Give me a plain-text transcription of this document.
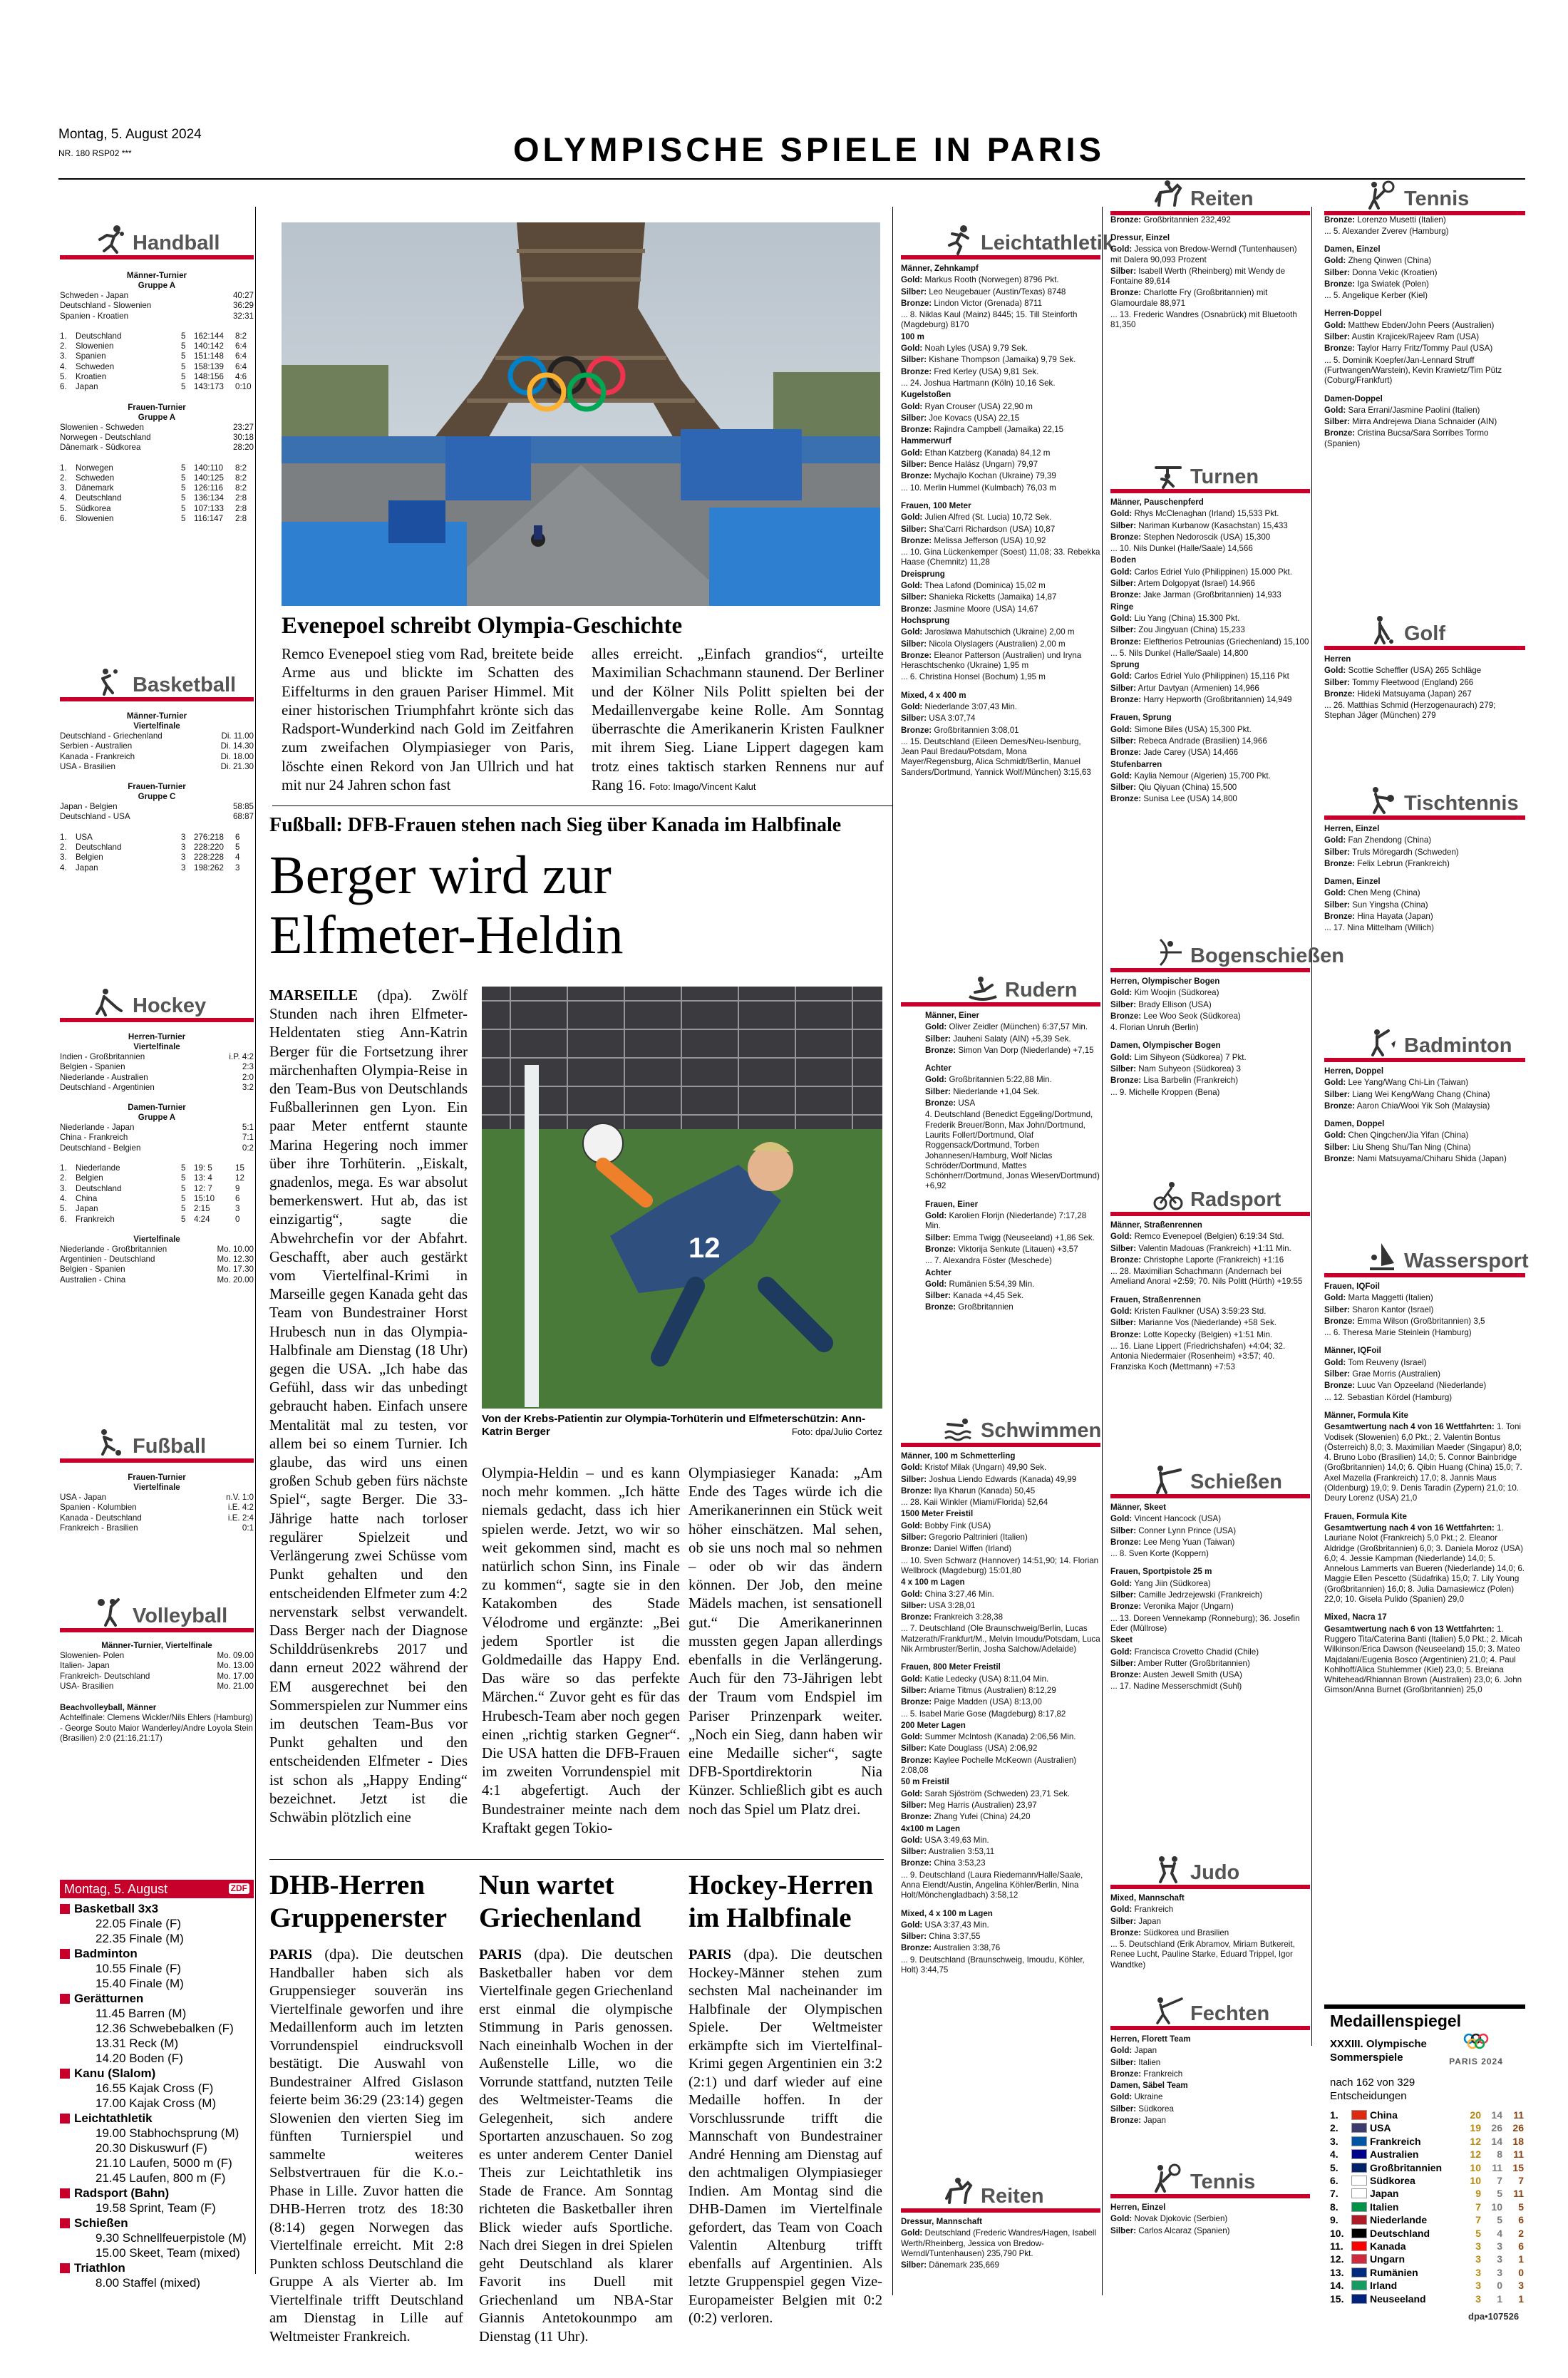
Montag, 5. August 2024
NR. 180 RSP02 ***	OLYMPISCHE SPIELE IN PARIS
Handball
Männer-Turnier
Gruppe A
Schweden - Japan	40:27
Deutschland - Slowenien	36:29
Spanien - Kroatien	32:31
1.	Deutschland	5 162:144	8:2
2.	Slowenien	5 140:142	6:4
3.	Spanien	5 151:148	6:4
4.	Schweden	5 158:139	6:4
5.	Kroatien	5 148:156	4:6
6.	Japan	5 143:173	0:10
Frauen-Turnier
Gruppe A
Slowenien - Schweden	23:27
Norwegen - Deutschland	30:18
Dänemark - Südkorea	28:20
1.	Norwegen	5 140:110	8:2
2.	Schweden	5 140:125	8:2
3.	Dänemark	5 126:116	8:2
4.	Deutschland	5 136:134	2:8
5.	Südkorea	5 107:133	2:8
6.	Slowenien	5 116:147	2:8
Basketball
Männer-Turnier
Viertelfinale
Deutschland - Griechenland	Di. 11.00
Serbien - Australien	Di. 14.30
Kanada - Frankreich	Di. 18.00
USA - Brasilien	Di. 21.30
Frauen-Turnier
Gruppe C
Japan - Belgien	58:85
Deutschland - USA	68:87
1.	USA	3 276:218	6
2.	Deutschland	3 228:220	5
3.	Belgien	3 228:228	4
4.	Japan	3 198:262	3
Hockey
Herren-Turnier
Viertelfinale
Indien - Großbritannien	i.P. 4:2
Belgien - Spanien	2:3
Niederlande - Australien	2:0
Deutschland - Argentinien	3:2
Damen-Turnier
Gruppe A
Niederlande - Japan	5:1
China - Frankreich	7:1
Deutschland - Belgien	0:2
1.	Niederlande	5 19: 5	15
2.	Belgien	5 13: 4	12
3.	Deutschland	5 12: 7	9
4.	China	5 15:10	6
5.	Japan	5 2:15	3
6.	Frankreich	5 4:24	0
Viertelfinale
Niederlande - Großbritannien	Mo. 10.00
Argentinien - Deutschland	Mo. 12.30
Belgien - Spanien	Mo. 17.30
Australien - China	Mo. 20.00
Fußball
Frauen-Turnier
Viertelfinale
USA - Japan	n.V. 1:0
Spanien - Kolumbien	i.E. 4:2
Kanada - Deutschland	i.E. 2:4
Frankreich - Brasilien	0:1
Volleyball
Männer-Turnier, Viertelfinale
Slowenien- Polen	Mo. 09.00
Italien- Japan	Mo. 13.00
Frankreich- Deutschland	Mo. 17.00
USA- Brasilien	Mo. 21.00
Beachvolleyball, Männer
Achtelfinale: Clemens Wickler/Nils Ehlers (Hamburg) - George Souto Maior Wanderley/Andre Loyola Stein (Brasilien) 2:0 (21:16,21:17)
Montag, 5. August	ZDF
Basketball 3x3
22.05 Finale (F)
22.35 Finale (M)
Badminton
10.55 Finale (F)
15.40 Finale (M)
Gerätturnen
11.45 Barren (M)
12.36 Schwebebalken (F)
13.31 Reck (M)
14.20 Boden (F)
Kanu (Slalom)
16.55 Kajak Cross (F)
17.00 Kajak Cross (M)
Leichtathletik
19.00 Stabhochsprung (M)
20.30 Diskuswurf (F)
21.10 Laufen, 5000 m (F)
21.45 Laufen, 800 m (F)
Radsport (Bahn)
19.58 Sprint, Team (F)
Schießen
9.30 Schnellfeuerpistole (M)
15.00 Skeet, Team (mixed)
Triathlon
8.00 Staffel (mixed)
Evenepoel schreibt Olympia-Geschichte
Remco Evenepoel stieg vom Rad, breitete beide Arme aus und blickte im Schatten des Eiffelturms in den grauen Pariser Himmel. Mit einer historischen Triumphfahrt krönte sich das Radsport-Wunderkind nach Gold im Zeitfahren zum zweifachen Olympiasieger von Paris, löschte einen Rekord von Jan Ullrich und hat mit nur 24 Jahren schon fast
alles erreicht. „Einfach grandios“, urteilte Maximilian Schachmann staunend. Der Berliner und der Kölner Nils Politt spielten bei der Medaillenvergabe keine Rolle. Am Sonntag überraschte die Amerikanerin Kristen Faulkner mit ihrem Sieg. Liane Lippert dagegen kam trotz eines taktisch starken Rennens nur auf Rang 16. Foto: Imago/Vincent Kalut
Fußball: DFB-Frauen stehen nach Sieg über Kanada im Halbfinale
Berger wird zur
Elfmeter-Heldin
MARSEILLE (dpa). Zwölf Stunden nach ihren Elfmeter-Heldentaten stieg Ann-Katrin Berger für die Fortsetzung ihrer märchenhaften Olympia-Reise in den Team-Bus von Deutschlands Fußballerinnen gen Lyon. Ein paar Meter entfernt staunte Marina Hegering noch immer über ihre Torhüterin. „Eiskalt, gnadenlos, mega. Es war absolut bemerkenswert. Hut ab, das ist einzigartig“, sagte die Abwehrchefin vor der Abfahrt. Geschafft, aber auch gestärkt vom Viertelfinal-Krimi in Marseille gegen Kanada geht das Team von Bundestrainer Horst Hrubesch nun in das Olympia-Halbfinale am Dienstag (18 Uhr) gegen die USA. „Ich habe das Gefühl, dass wir das unbedingt gebraucht haben. Einfach unsere Mentalität mal zu testen, vor allem bei so einem Turnier. Ich glaube, das wird uns einen großen Schub geben fürs nächste Spiel“, sagte Berger. Die 33-Jährige hatte nach torloser regulärer Spielzeit und Verlängerung zwei Schüsse vom Punkt gehalten und den entscheidenden Elfmeter zum 4:2 nervenstark selbst verwandelt. Dass Berger nach der Diagnose Schilddrüsenkrebs 2017 und dann erneut 2022 während der EM ausgerechnet bei den Sommerspielen zur Nummer eins im deutschen Team-Bus vor Punkt gehalten und den entscheidenden Elfmeter - Dies ist schon als „Happy Ending“ bezeichnet. Jetzt ist die Schwäbin plötzlich eine
12
Von der Krebs-Patientin zur Olympia-Torhüterin und Elfmeterschützin: Ann-Katrin Berger	Foto: dpa/Julio Cortez
Olympia-Heldin – und es kann noch mehr kommen. „Ich hätte niemals gedacht, dass ich hier spielen werde. Jetzt, wo wir so weit gekommen sind, macht es natürlich schon Sinn, ins Finale zu kommen“, sagte sie in den Katakomben des Stade Vélodrome und ergänzte: „Bei jedem Sportler ist die Goldmedaille das Happy End. Das wäre so das perfekte Märchen.“ Zuvor geht es für das Hrubesch-Team aber noch gegen einen „richtig starken Gegner“. Die USA hatten die DFB-Frauen im zweiten Vorrundenspiel mit 4:1 abgefertigt. Auch der Bundestrainer meinte nach dem Kraftakt gegen Tokio-
Olympiasieger Kanada: „Am Ende des Tages würde ich die Amerikanerinnen ein Stück weit höher einschätzen. Mal sehen, ob sie uns noch mal so nehmen – oder ob wir das ändern können. Der Job, den meine Mädels machen, ist sensationell gut.“ Die Amerikanerinnen mussten gegen Japan allerdings ebenfalls in die Verlängerung. Auch für den 73-Jährigen lebt der Traum vom Endspiel im Pariser Prinzenpark weiter. „Noch ein Sieg, dann haben wir eine Medaille sicher“, sagte DFB-Sportdirektorin Nia Künzer. Schließlich gibt es auch noch das Spiel um Platz drei.
DHB-Herren
Gruppenerster
PARIS (dpa). Die deutschen Handballer haben sich als Gruppensieger souverän ins Viertelfinale geworfen und ihre Medaillenform auch im letzten Vorrundenspiel eindrucksvoll bestätigt. Die Auswahl von Bundestrainer Alfred Gislason feierte beim 36:29 (23:14) gegen Slowenien den vierten Sieg im fünften Turnierspiel und sammelte weiteres Selbstvertrauen für die K.o.-Phase in Lille. Zuvor hatten die DHB-Herren trotz des 18:30 (8:14) gegen Norwegen das Viertelfinale erreicht. Mit 2:8 Punkten schloss Deutschland die Gruppe A als Vierter ab. Im Viertelfinale trifft Deutschland am Dienstag in Lille auf Weltmeister Frankreich.
Nun wartet
Griechenland
PARIS (dpa). Die deutschen Basketballer haben vor dem Viertelfinale gegen Griechenland erst einmal die olympische Stimmung in Paris genossen. Nach eineinhalb Wochen in der Außenstelle Lille, wo die Vorrunde stattfand, nutzten Teile des Weltmeister-Teams die Gelegenheit, sich andere Sportarten anzuschauen. So zog es unter anderem Center Daniel Theis zur Leichtathletik ins Stade de France. Am Sonntag richteten die Basketballer ihren Blick wieder aufs Sportliche. Nach drei Siegen in drei Spielen geht Deutschland als klarer Favorit ins Duell mit Griechenland um NBA-Star Giannis Antetokounmpo am Dienstag (11 Uhr).
Hockey-Herren
im Halbfinale
PARIS (dpa). Die deutschen Hockey-Männer stehen zum sechsten Mal nacheinander im Halbfinale der Olympischen Spiele. Der Weltmeister erkämpfte sich im Viertelfinal-Krimi gegen Argentinien ein 3:2 (2:1) und darf wieder auf eine Medaille hoffen. In der Vorschlussrunde trifft die Mannschaft von Bundestrainer André Henning am Dienstag auf den achtmaligen Olympiasieger Indien. Am Montag sind die DHB-Damen im Viertelfinale gefordert, das Team von Coach Valentin Altenburg trifft ebenfalls auf Argentinien. Als letzte Gruppenspiel gegen Vize-Europameister Belgien mit 0:2 (0:2) verloren.
Leichtathletik

Männer, Zehnkampf

Gold: Markus Rooth (Norwegen) 8796 Pkt.

Silber: Leo Neugebauer (Austin/Texas) 8748

Bronze: Lindon Victor (Grenada) 8711

... 8. Niklas Kaul (Mainz) 8445; 15. Till Steinforth (Magdeburg) 8170

100 m

Gold: Noah Lyles (USA) 9,79 Sek.

Silber: Kishane Thompson (Jamaika) 9,79 Sek.

Bronze: Fred Kerley (USA) 9,81 Sek.

... 24. Joshua Hartmann (Köln) 10,16 Sek.

Kugelstoßen

Gold: Ryan Crouser (USA) 22,90 m

Silber: Joe Kovacs (USA) 22,15

Bronze: Rajindra Campbell (Jamaika) 22,15

Hammerwurf

Gold: Ethan Katzberg (Kanada) 84,12 m

Silber: Bence Halász (Ungarn) 79,97

Bronze: Mychajlo Kochan (Ukraine) 79,39

... 10. Merlin Hummel (Kulmbach) 76,03 m

Frauen, 100 Meter

Gold: Julien Alfred (St. Lucia) 10,72 Sek.

Silber: Sha'Carri Richardson (USA) 10,87

Bronze: Melissa Jefferson (USA) 10,92

... 10. Gina Lückenkemper (Soest) 11,08; 33. Rebekka Haase (Chemnitz) 11,28

Dreisprung

Gold: Thea Lafond (Dominica) 15,02 m

Silber: Shanieka Ricketts (Jamaika) 14,87

Bronze: Jasmine Moore (USA) 14,67

Hochsprung

Gold: Jaroslawa Mahutschich (Ukraine) 2,00 m

Silber: Nicola Olyslagers (Australien) 2,00 m

Bronze: Eleanor Patterson (Australien) und Iryna Heraschtschenko (Ukraine) 1,95 m

... 6. Christina Honsel (Bochum) 1,95 m

Mixed, 4 x 400 m

Gold: Niederlande 3:07,43 Min.

Silber: USA 3:07,74

Bronze: Großbritannien 3:08,01

... 15. Deutschland (Eileen Demes/Neu-Isenburg, Jean Paul Bredau/Potsdam, Mona Mayer/Regensburg, Alica Schmidt/Berlin, Manuel Sanders/Dortmund, Yannick Wolf/München) 3:15,63

Rudern

Männer, Einer

Gold: Oliver Zeidler (München) 6:37,57 Min.

Silber: Jauheni Salaty (AIN) +5,39 Sek.

Bronze: Simon Van Dorp (Niederlande) +7,15

Achter

Gold: Großbritannien 5:22,88 Min.

Silber: Niederlande +1,04 Sek.

Bronze: USA

4. Deutschland (Benedict Eggeling/Dortmund, Frederik Breuer/Bonn, Max John/Dortmund, Laurits Follert/Dortmund, Olaf Roggensack/Dortmund, Torben Johannesen/Hamburg, Wolf Niclas Schröder/Dortmund, Mattes Schönherr/Dortmund, Jonas Wiesen/Dortmund) +6,92

Frauen, Einer

Gold: Karolien Florijn (Niederlande) 7:17,28 Min.

Silber: Emma Twigg (Neuseeland) +1,86 Sek.

Bronze: Viktorija Senkute (Litauen) +3,57

... 7. Alexandra Föster (Meschede)

Achter

Gold: Rumänien 5:54,39 Min.

Silber: Kanada +4,45 Sek.

Bronze: Großbritannien

Schwimmen

Männer, 100 m Schmetterling

Gold: Kristof Milak (Ungarn) 49,90 Sek.

Silber: Joshua Liendo Edwards (Kanada) 49,99

Bronze: Ilya Kharun (Kanada) 50,45

... 28. Kaii Winkler (Miami/Florida) 52,64

1500 Meter Freistil

Gold: Bobby Fink (USA)

Silber: Gregorio Paltrinieri (Italien)

Bronze: Daniel Wiffen (Irland)

... 10. Sven Schwarz (Hannover) 14:51,90; 14. Florian Wellbrock (Magdeburg) 15:01,80

4 x 100 m Lagen

Gold: China 3:27,46 Min.

Silber: USA 3:28,01

Bronze: Frankreich 3:28,38

... 7. Deutschland (Ole Braunschweig/Berlin, Lucas Matzerath/Frankfurt/M., Melvin Imoudu/Potsdam, Luca Nik Armbruster/Berlin, Josha Salchow/Adelaide)

Frauen, 800 Meter Freistil

Gold: Katie Ledecky (USA) 8:11,04 Min.

Silber: Ariarne Titmus (Australien) 8:12,29

Bronze: Paige Madden (USA) 8:13,00

... 5. Isabel Marie Gose (Magdeburg) 8:17,82

200 Meter Lagen

Gold: Summer McIntosh (Kanada) 2:06,56 Min.

Silber: Kate Douglass (USA) 2:06,92

Bronze: Kaylee Pochelle McKeown (Australien) 2:08,08

50 m Freistil

Gold: Sarah Sjöström (Schweden) 23,71 Sek.

Silber: Meg Harris (Australien) 23,97

Bronze: Zhang Yufei (China) 24,20

4x100 m Lagen

Gold: USA 3:49,63 Min.

Silber: Australien 3:53,11

Bronze: China 3:53,23

... 9. Deutschland (Laura Riedemann/Halle/Saale, Anna Elendt/Austin, Angelina Köhler/Berlin, Nina Holt/Mönchengladbach) 3:58,12

Mixed, 4 x 100 m Lagen

Gold: USA 3:37,43 Min.

Silber: China 3:37,55

Bronze: Australien 3:38,76

... 9. Deutschland (Braunschweig, Imoudu, Köhler, Holt) 3:44,75

Reiten

Dressur, Mannschaft

Gold: Deutschland (Frederic Wandres/Hagen, Isabell Werth/Rheinberg, Jessica von Bredow-Werndl/Tuntenhausen) 235,790 Pkt.

Silber: Dänemark 235,669

Bronze: Großbritannien 232,492

Reiten

Dressur, Einzel

Gold: Jessica von Bredow-Werndl (Tuntenhausen) mit Dalera 90,093 Prozent

Silber: Isabell Werth (Rheinberg) mit Wendy de Fontaine 89,614

Bronze: Charlotte Fry (Großbritannien) mit Glamourdale 88,971

... 13. Frederic Wandres (Osnabrück) mit Bluetooth 81,350

Turnen

Männer, Pauschenpferd

Gold: Rhys McClenaghan (Irland) 15,533 Pkt.

Silber: Nariman Kurbanow (Kasachstan) 15,433

Bronze: Stephen Nedoroscik (USA) 15,300

... 10. Nils Dunkel (Halle/Saale) 14,566

Boden

Gold: Carlos Edriel Yulo (Philippinen) 15.000 Pkt.

Silber: Artem Dolgopyat (Israel) 14.966

Bronze: Jake Jarman (Großbritannien) 14,933

Ringe

Gold: Liu Yang (China) 15.300 Pkt.

Silber: Zou Jingyuan (China) 15,233

Bronze: Eleftherios Petrounias (Griechenland) 15,100

... 5. Nils Dunkel (Halle/Saale) 14,800

Sprung

Gold: Carlos Edriel Yulo (Philippinen) 15,116 Pkt

Silber: Artur Davtyan (Armenien) 14,966

Bronze: Harry Hepworth (Großbritannien) 14,949

Frauen, Sprung

Gold: Simone Biles (USA) 15,300 Pkt.

Silber: Rebeca Andrade (Brasilien) 14,966

Bronze: Jade Carey (USA) 14,466

Stufenbarren

Gold: Kaylia Nemour (Algerien) 15,700 Pkt.

Silber: Qiu Qiyuan (China) 15,500

Bronze: Sunisa Lee (USA) 14,800

Bogenschießen

Herren, Olympischer Bogen

Gold: Kim Woojin (Südkorea)

Silber: Brady Ellison (USA)

Bronze: Lee Woo Seok (Südkorea)

4. Florian Unruh (Berlin)

Damen, Olympischer Bogen

Gold: Lim Sihyeon (Südkorea) 7 Pkt.

Silber: Nam Suhyeon (Südkorea) 3

Bronze: Lisa Barbelin (Frankreich)

... 9. Michelle Kroppen (Bena)

Radsport

Männer, Straßenrennen

Gold: Remco Evenepoel (Belgien) 6:19:34 Std.

Silber: Valentin Madouas (Frankreich) +1:11 Min.

Bronze: Christophe Laporte (Frankreich) +1:16

... 28. Maximilian Schachmann (Andernach bei Ameliand Anoral +2:59; 70. Nils Politt (Hürth) +19:55

Frauen, Straßenrennen

Gold: Kristen Faulkner (USA) 3:59:23 Std.

Silber: Marianne Vos (Niederlande) +58 Sek.

Bronze: Lotte Kopecky (Belgien) +1:51 Min.

... 16. Liane Lippert (Friedrichshafen) +4:04; 32. Antonia Niedermaier (Rosenheim) +3:57; 40. Franziska Koch (Mettmann) +7:53

Schießen

Männer, Skeet

Gold: Vincent Hancock (USA)

Silber: Conner Lynn Prince (USA)

Bronze: Lee Meng Yuan (Taiwan)

... 8. Sven Korte (Koppern)

Frauen, Sportpistole 25 m

Gold: Yang Jiin (Südkorea)

Silber: Camille Jedrzejewski (Frankreich)

Bronze: Veronika Major (Ungarn)

... 13. Doreen Vennekamp (Ronneburg); 36. Josefin Eder (Müllrose)

Skeet

Gold: Francisca Crovetto Chadid (Chile)

Silber: Amber Rutter (Großbritannien)

Bronze: Austen Jewell Smith (USA)

... 17. Nadine Messerschmidt (Suhl)

Judo

Mixed, Mannschaft

Gold: Frankreich

Silber: Japan

Bronze: Südkorea und Brasilien

... 5. Deutschland (Erik Abramov, Miriam Butkereit, Renee Lucht, Pauline Starke, Eduard Trippel, Igor Wandtke)

Fechten

Herren, Florett Team

Gold: Japan

Silber: Italien

Bronze: Frankreich

Damen, Säbel Team

Gold: Ukraine

Silber: Südkorea

Bronze: Japan

Tennis

Herren, Einzel

Gold: Novak Djokovic (Serbien)

Silber: Carlos Alcaraz (Spanien)

Bronze: Lorenzo Musetti (Italien)

... 5. Alexander Zverev (Hamburg)

Tennis

Damen, Einzel

Gold: Zheng Qinwen (China)

Silber: Donna Vekic (Kroatien)

Bronze: Iga Swiatek (Polen)

... 5. Angelique Kerber (Kiel)

Herren-Doppel

Gold: Matthew Ebden/John Peers (Australien)

Silber: Austin Krajicek/Rajeev Ram (USA)

Bronze: Taylor Harry Fritz/Tommy Paul (USA)

... 5. Dominik Koepfer/Jan-Lennard Struff (Furtwangen/Warstein), Kevin Krawietz/Tim Pütz (Coburg/Frankfurt)

Damen-Doppel

Gold: Sara Errani/Jasmine Paolini (Italien)

Silber: Mirra Andrejewa Diana Schnaider (AIN)

Bronze: Cristina Bucsa/Sara Sorribes Tormo (Spanien)

Golf

Herren

Gold: Scottie Scheffler (USA) 265 Schläge

Silber: Tommy Fleetwood (England) 266

Bronze: Hideki Matsuyama (Japan) 267

... 26. Matthias Schmid (Herzogenaurach) 279; Stephan Jäger (München) 279

Tischtennis

Herren, Einzel

Gold: Fan Zhendong (China)

Silber: Truls Möregardh (Schweden)

Bronze: Felix Lebrun (Frankreich)

Damen, Einzel

Gold: Chen Meng (China)

Silber: Sun Yingsha (China)

Bronze: Hina Hayata (Japan)

... 17. Nina Mittelham (Willich)

Badminton

Herren, Doppel

Gold: Lee Yang/Wang Chi-Lin (Taiwan)

Silber: Liang Wei Keng/Wang Chang (China)

Bronze: Aaron Chia/Wooi Yik Soh (Malaysia)

Damen, Doppel

Gold: Chen Qingchen/Jia Yifan (China)

Silber: Liu Sheng Shu/Tan Ning (China)

Bronze: Nami Matsuyama/Chiharu Shida (Japan)

Wassersport

Frauen, IQFoil

Gold: Marta Maggetti (Italien)

Silber: Sharon Kantor (Israel)

Bronze: Emma Wilson (Großbritannien) 3,5

... 6. Theresa Marie Steinlein (Hamburg)

Männer, IQFoil

Gold: Tom Reuveny (Israel)

Silber: Grae Morris (Australien)

Bronze: Luuc Van Opzeeland (Niederlande)

... 12. Sebastian Kördel (Hamburg)

Männer, Formula Kite

Gesamtwertung nach 4 von 16 Wettfahrten: 1. Toni Vodisek (Slowenien) 6,0 Pkt.; 2. Valentin Bontus (Österreich) 8,0; 3. Maximilian Maeder (Singapur) 8,0; 4. Bruno Lobo (Brasilien) 14,0; 5. Connor Bainbridge (Großbritannien) 14,0; 6. Qibin Huang (China) 15,0; 7. Axel Mazella (Frankreich) 17,0; 8. Jannis Maus (Oldenburg) 19,0; 9. Denis Taradin (Zypern) 21,0; 10. Deury Lorenz (USA) 21,0

Frauen, Formula Kite

Gesamtwertung nach 4 von 16 Wettfahrten: 1. Lauriane Nolot (Frankreich) 5,0 Pkt.; 2. Eleanor Aldridge (Großbritannien) 6,0; 3. Daniela Moroz (USA) 6,0; 4. Jessie Kampman (Niederlande) 14,0; 5. Annelous Lammerts van Bueren (Niederlande) 14,0; 6. Maggie Ellen Pescetto (Südafrika) 15,0; 7. Lily Young (Großbritannien) 16,0; 8. Julia Damasiewicz (Polen) 22,0; 10. Gisela Pulido (Spanien) 29,0

Mixed, Nacra 17

Gesamtwertung nach 6 von 13 Wettfahrten: 1. Ruggero Tita/Caterina Banti (Italien) 5,0 Pkt.; 2. Micah Wilkinson/Erica Dawson (Neuseeland) 15,0; 3. Mateo Majdalani/Eugenia Bosco (Argentinien) 21,0; 4. Paul Kohlhoff/Alica Stuhlemmer (Kiel) 23,0; 5. Breiana Whitehead/Rhiannan Brown (Australien) 23,0; 6. John Gimson/Anna Burnet (Großbritannien) 25,0

Medaillenspiegel
XXXIII. Olympische Sommerspiele	PARIS 2024
nach 162 von 329 Entscheidungen
1.	China	20	14	11
2.	USA	19	26	26
3.	Frankreich	12	14	18
4.	Australien	12	8	11
5.	Großbritannien	10	11	15
6.	Südkorea	10	7	7
7.	Japan	9	5	11
8.	Italien	7	10	5
9.	Niederlande	7	5	6
10.	Deutschland	5	4	2
11.	Kanada	3	3	6
12.	Ungarn	3	3	1
13.	Rumänien	3	3	0
14.	Irland	3	0	3
15.	Neuseeland	3	1	1
dpa•107526
